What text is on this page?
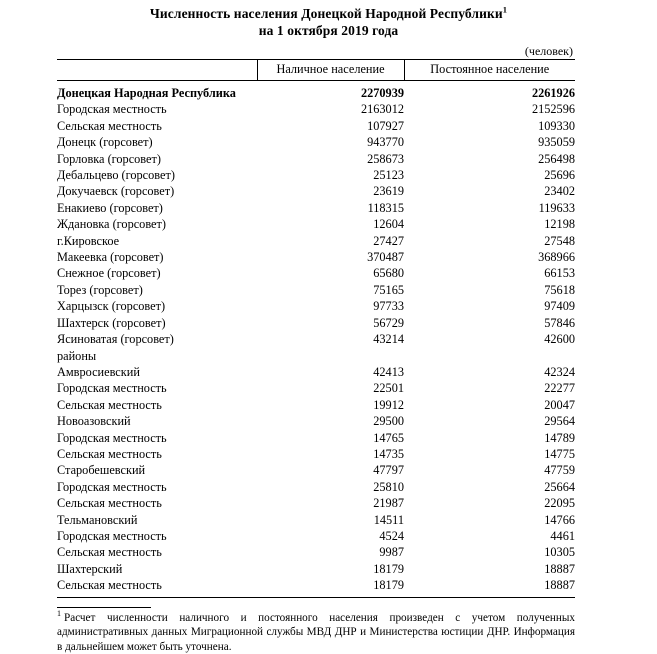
Численность населения Донецкой Народной Республики$^1$
на 1 октября 2019 года
(человек)
	Наличное население	Постоянное население
Донецкая Народная Республика	2270939	2261926
Городская местность	2163012	2152596
Сельская местность	107927	109330
Донецк (горсовет)	943770	935059
Горловка (горсовет)	258673	256498
Дебальцево (горсовет)	25123	25696
Докучаевск (горсовет)	23619	23402
Енакиево (горсовет)	118315	119633
Ждановка (горсовет)	12604	12198
г.Кировское	27427	27548
Макеевка (горсовет)	370487	368966
Снежное (горсовет)	65680	66153
Торез (горсовет)	75165	75618
Харцызск (горсовет)	97733	97409
Шахтерск (горсовет)	56729	57846
Ясиноватая (горсовет)	43214	42600
районы		
Амвросиевский	42413	42324
Городская местность	22501	22277
Сельская местность	19912	20047
Новоазовский	29500	29564
Городская местность	14765	14789
Сельская местность	14735	14775
Старобешевский	47797	47759
Городская местность	25810	25664
Сельская местность	21987	22095
Тельмановский	14511	14766
Городская местность	4524	4461
Сельская местность	9987	10305
Шахтерский	18179	18887
Сельская местность	18179	18887
$^1$ Расчет численности наличного и постоянного населения произведен с учетом полученных административных данных Миграционной службы МВД ДНР и Министерства юстиции ДНР. Информация в дальнейшем может быть уточнена.
